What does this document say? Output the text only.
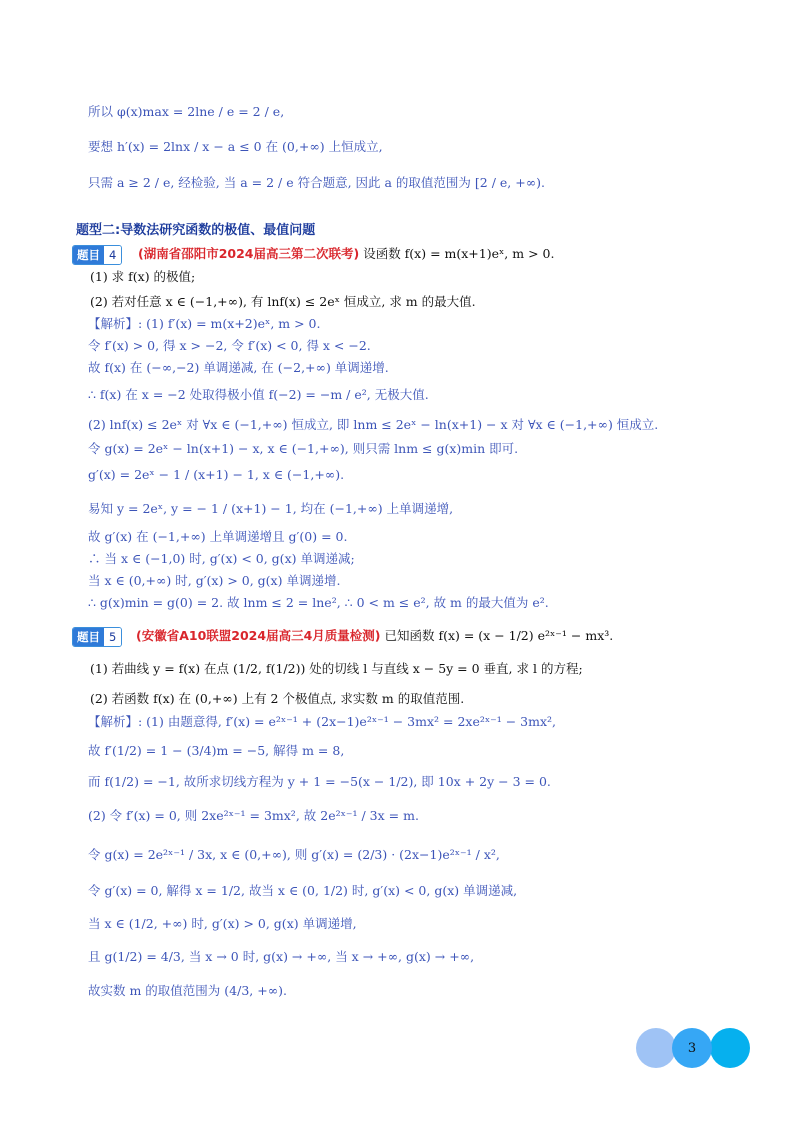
所以 φ(x)max = 2lne / e = 2 / e,
要想 h′(x) = 2lnx / x − a ≤ 0 在 (0,+∞) 上恒成立,
只需 a ≥ 2 / e, 经检验, 当 a = 2 / e 符合题意, 因此 a 的取值范围为 [2 / e, +∞).
题型二:导数法研究函数的极值、最值问题
题目 4	(湖南省邵阳市2024届高三第二次联考) 设函数 f(x) = m(x+1)eˣ, m > 0.
(1) 求 f(x) 的极值;
(2) 若对任意 x ∈ (−1,+∞), 有 lnf(x) ≤ 2eˣ 恒成立, 求 m 的最大值.
【解析】: (1) f′(x) = m(x+2)eˣ, m > 0.
令 f′(x) > 0, 得 x > −2, 令 f′(x) < 0, 得 x < −2.
故 f(x) 在 (−∞,−2) 单调递减, 在 (−2,+∞) 单调递增.
∴ f(x) 在 x = −2 处取得极小值 f(−2) = −m / e², 无极大值.
(2) lnf(x) ≤ 2eˣ 对 ∀x ∈ (−1,+∞) 恒成立, 即 lnm ≤ 2eˣ − ln(x+1) − x 对 ∀x ∈ (−1,+∞) 恒成立.
令 g(x) = 2eˣ − ln(x+1) − x, x ∈ (−1,+∞), 则只需 lnm ≤ g(x)min 即可.
g′(x) = 2eˣ − 1 / (x+1) − 1, x ∈ (−1,+∞).
易知 y = 2eˣ, y = − 1 / (x+1) − 1, 均在 (−1,+∞) 上单调递增,
故 g′(x) 在 (−1,+∞) 上单调递增且 g′(0) = 0.
∴ 当 x ∈ (−1,0) 时, g′(x) < 0, g(x) 单调递减;
当 x ∈ (0,+∞) 时, g′(x) > 0, g(x) 单调递增.
∴ g(x)min = g(0) = 2. 故 lnm ≤ 2 = lne², ∴ 0 < m ≤ e², 故 m 的最大值为 e².
题目 5	(安徽省A10联盟2024届高三4月质量检测) 已知函数 f(x) = (x − 1/2) e²ˣ⁻¹ − mx³.
(1) 若曲线 y = f(x) 在点 (1/2, f(1/2)) 处的切线 l 与直线 x − 5y = 0 垂直, 求 l 的方程;
(2) 若函数 f(x) 在 (0,+∞) 上有 2 个极值点, 求实数 m 的取值范围.
【解析】: (1) 由题意得, f′(x) = e²ˣ⁻¹ + (2x−1)e²ˣ⁻¹ − 3mx² = 2xe²ˣ⁻¹ − 3mx²,
故 f′(1/2) = 1 − (3/4)m = −5, 解得 m = 8,
而 f(1/2) = −1, 故所求切线方程为 y + 1 = −5(x − 1/2), 即 10x + 2y − 3 = 0.
(2) 令 f′(x) = 0, 则 2xe²ˣ⁻¹ = 3mx², 故 2e²ˣ⁻¹ / 3x = m.
令 g(x) = 2e²ˣ⁻¹ / 3x, x ∈ (0,+∞), 则 g′(x) = (2/3) · (2x−1)e²ˣ⁻¹ / x²,
令 g′(x) = 0, 解得 x = 1/2, 故当 x ∈ (0, 1/2) 时, g′(x) < 0, g(x) 单调递减,
当 x ∈ (1/2, +∞) 时, g′(x) > 0, g(x) 单调递增,
且 g(1/2) = 4/3, 当 x → 0 时, g(x) → +∞, 当 x → +∞, g(x) → +∞,
故实数 m 的取值范围为 (4/3, +∞).
3
